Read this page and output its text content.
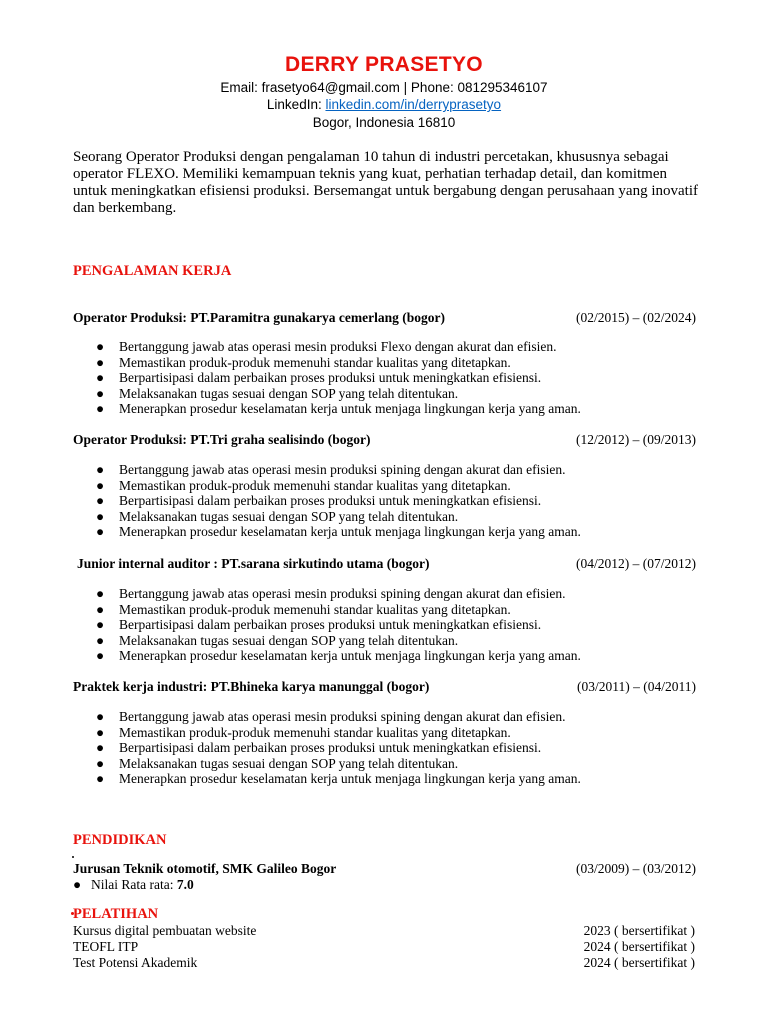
DERRY PRASETYO
Email: frasetyo64@gmail.com | Phone: 081295346107
LinkedIn: linkedin.com/in/derryprasetyo
Bogor, Indonesia 16810
Seorang Operator Produksi dengan pengalaman 10 tahun di industri percetakan, khususnya sebagai operator FLEXO. Memiliki kemampuan teknis yang kuat, perhatian terhadap detail, dan komitmen untuk meningkatkan efisiensi produksi. Bersemangat untuk bergabung dengan perusahaan yang inovatif dan berkembang.
PENGALAMAN KERJA
Operator Produksi: PT.Paramitra gunakarya cemerlang (bogor)	(02/2015) – (02/2024)
● Bertanggung jawab atas operasi mesin produksi Flexo dengan akurat dan efisien.
● Memastikan produk-produk memenuhi standar kualitas yang ditetapkan.
● Berpartisipasi dalam perbaikan proses produksi untuk meningkatkan efisiensi.
● Melaksanakan tugas sesuai dengan SOP yang telah ditentukan.
● Menerapkan prosedur keselamatan kerja untuk menjaga lingkungan kerja yang aman.
Operator Produksi: PT.Tri graha sealisindo (bogor)	(12/2012) – (09/2013)
● Bertanggung jawab atas operasi mesin produksi spining dengan akurat dan efisien.
● Memastikan produk-produk memenuhi standar kualitas yang ditetapkan.
● Berpartisipasi dalam perbaikan proses produksi untuk meningkatkan efisiensi.
● Melaksanakan tugas sesuai dengan SOP yang telah ditentukan.
● Menerapkan prosedur keselamatan kerja untuk menjaga lingkungan kerja yang aman.
Junior internal auditor : PT.sarana sirkutindo utama (bogor)	(04/2012) – (07/2012)
● Bertanggung jawab atas operasi mesin produksi spining dengan akurat dan efisien.
● Memastikan produk-produk memenuhi standar kualitas yang ditetapkan.
● Berpartisipasi dalam perbaikan proses produksi untuk meningkatkan efisiensi.
● Melaksanakan tugas sesuai dengan SOP yang telah ditentukan.
● Menerapkan prosedur keselamatan kerja untuk menjaga lingkungan kerja yang aman.
Praktek kerja industri: PT.Bhineka karya manunggal (bogor)	(03/2011) – (04/2011)
● Bertanggung jawab atas operasi mesin produksi spining dengan akurat dan efisien.
● Memastikan produk-produk memenuhi standar kualitas yang ditetapkan.
● Berpartisipasi dalam perbaikan proses produksi untuk meningkatkan efisiensi.
● Melaksanakan tugas sesuai dengan SOP yang telah ditentukan.
● Menerapkan prosedur keselamatan kerja untuk menjaga lingkungan kerja yang aman.
PENDIDIKAN
Jurusan Teknik otomotif, SMK Galileo Bogor	(03/2009) – (03/2012)
● Nilai Rata rata: 7.0
PELATIHAN
Kursus digital pembuatan website	2023 ( bersertifikat )
TEOFL ITP	2024 ( bersertifikat )
Test Potensi Akademik	2024 ( bersertifikat )
